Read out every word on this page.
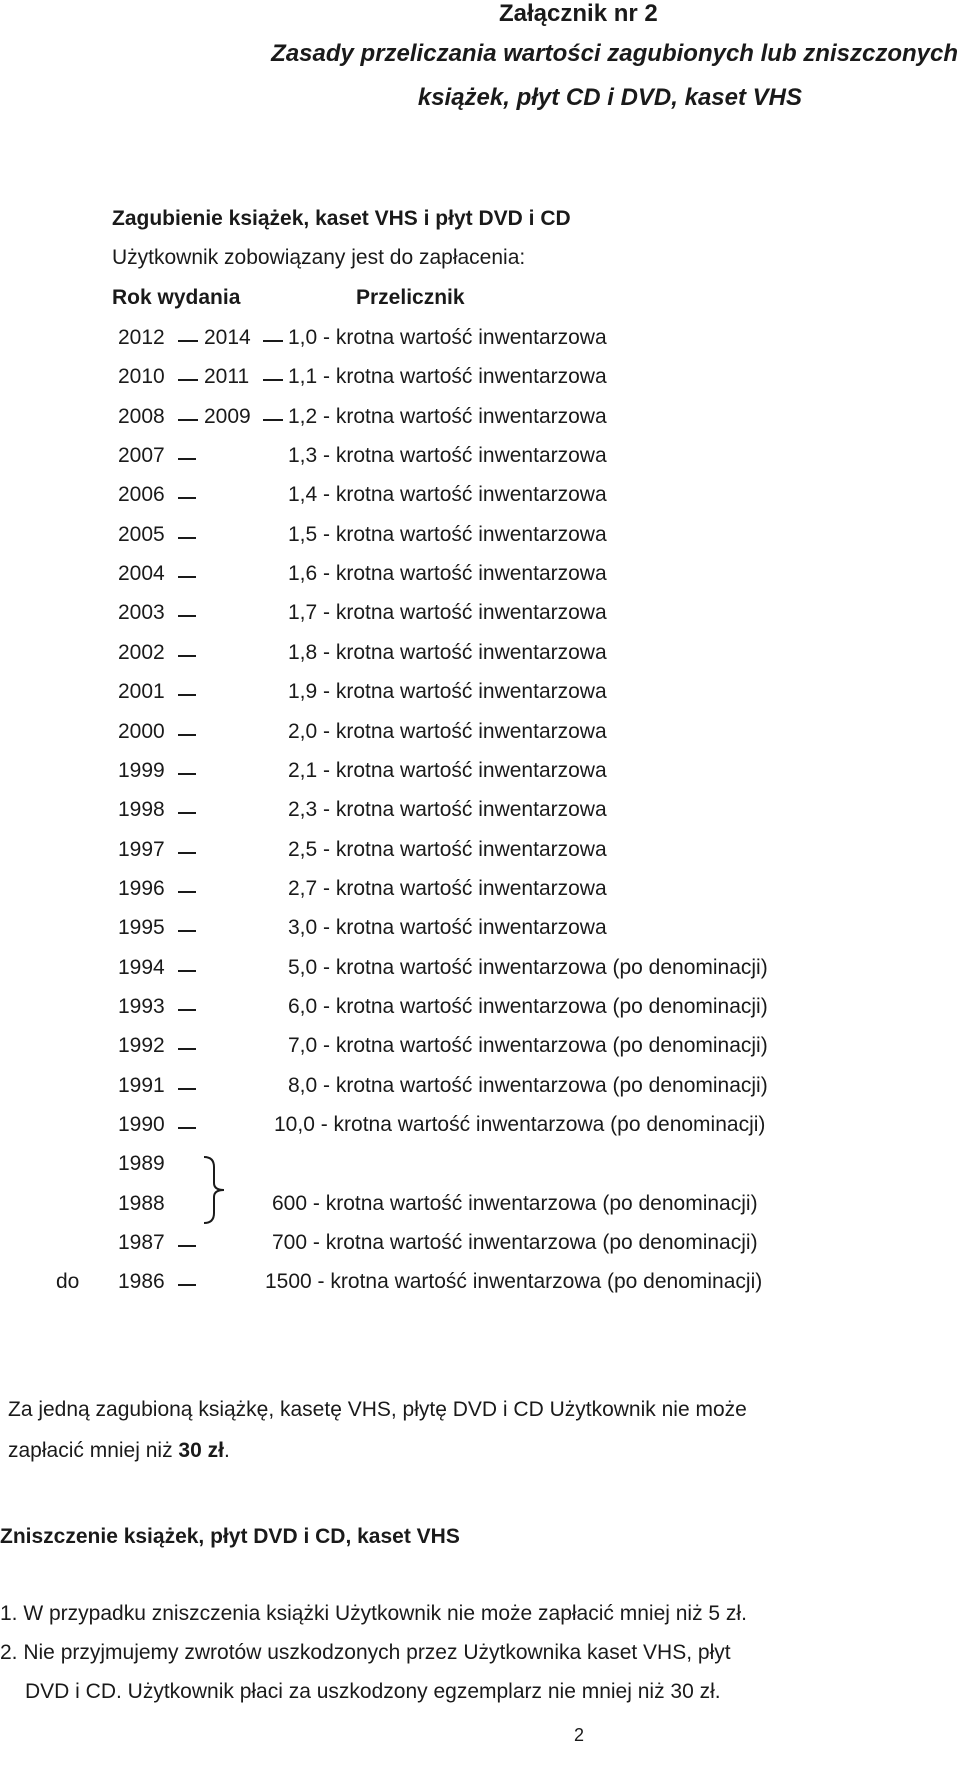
Załącznik nr 2
Zasady przeliczania wartości zagubionych lub zniszczonych
książek, płyt CD i DVD, kaset VHS
Zagubienie książek, kaset VHS i płyt DVD i CD
Użytkownik zobowiązany jest do zapłacenia:
Rok wydania	Przelicznik
2012 2014 1,0 - krotna wartość inwentarzowa
2010 2011 1,1 - krotna wartość inwentarzowa
2008 2009 1,2 - krotna wartość inwentarzowa
2007	1,3 - krotna wartość inwentarzowa
2006	1,4 - krotna wartość inwentarzowa
2005	1,5 - krotna wartość inwentarzowa
2004	1,6 - krotna wartość inwentarzowa
2003	1,7 - krotna wartość inwentarzowa
2002	1,8 - krotna wartość inwentarzowa
2001	1,9 - krotna wartość inwentarzowa
2000	2,0 - krotna wartość inwentarzowa
1999	2,1 - krotna wartość inwentarzowa
1998	2,3 - krotna wartość inwentarzowa
1997	2,5 - krotna wartość inwentarzowa
1996	2,7 - krotna wartość inwentarzowa
1995	3,0 - krotna wartość inwentarzowa
1994	5,0 - krotna wartość inwentarzowa (po denominacji)
1993	6,0 - krotna wartość inwentarzowa (po denominacji)
1992	7,0 - krotna wartość inwentarzowa (po denominacji)
1991	8,0 - krotna wartość inwentarzowa (po denominacji)
1990	10,0 - krotna wartość inwentarzowa (po denominacji)
1989
1988	600 - krotna wartość inwentarzowa (po denominacji)
1987	700 - krotna wartość inwentarzowa (po denominacji)
do 1986	1500 - krotna wartość inwentarzowa (po denominacji)
Za jedną zagubioną książkę, kasetę VHS, płytę DVD i CD Użytkownik nie może
zapłacić mniej niż 30 zł.
Zniszczenie książek, płyt DVD i CD, kaset VHS
1. W przypadku zniszczenia książki Użytkownik nie może zapłacić mniej niż 5 zł.
2. Nie przyjmujemy zwrotów uszkodzonych przez Użytkownika kaset VHS, płyt
DVD i CD. Użytkownik płaci za uszkodzony egzemplarz nie mniej niż 30 zł.
2
